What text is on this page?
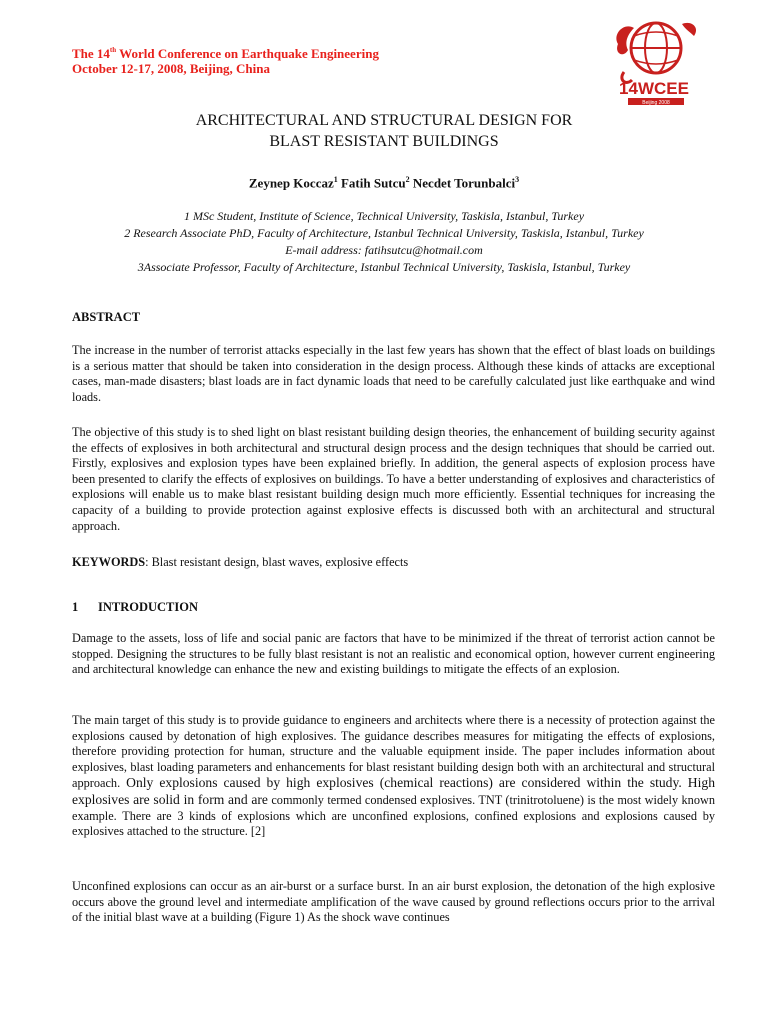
The 14th World Conference on Earthquake Engineering
October 12-17, 2008, Beijing, China
14WCEE
Beijing 2008
ARCHITECTURAL AND STRUCTURAL DESIGN FOR
BLAST RESISTANT BUILDINGS
Zeynep Koccaz$^1$ Fatih Sutcu$^2$ Necdet Torunbalci$^3$
1 MSc Student, Institute of Science, Technical University, Taskisla, Istanbul, Turkey
2 Research Associate PhD, Faculty of Architecture, Istanbul Technical University, Taskisla, Istanbul, Turkey
E-mail address: fatihsutcu@hotmail.com
3Associate Professor, Faculty of Architecture, Istanbul Technical University, Taskisla, Istanbul, Turkey
ABSTRACT
The increase in the number of terrorist attacks especially in the last few years has shown that the effect of blast loads on buildings is a serious matter that should be taken into consideration in the design process. Although these kinds of attacks are exceptional cases, man-made disasters; blast loads are in fact dynamic loads that need to be carefully calculated just like earthquake and wind loads.
The objective of this study is to shed light on blast resistant building design theories, the enhancement of building security against the effects of explosives in both architectural and structural design process and the design techniques that should be carried out. Firstly, explosives and explosion types have been explained briefly. In addition, the general aspects of explosion process have been presented to clarify the effects of explosives on buildings. To have a better understanding of explosives and characteristics of explosions will enable us to make blast resistant building design much more efficiently. Essential techniques for increasing the capacity of a building to provide protection against explosive effects is discussed both with an architectural and structural approach.
KEYWORDS: Blast resistant design, blast waves, explosive effects
1 INTRODUCTION
Damage to the assets, loss of life and social panic are factors that have to be minimized if the threat of terrorist action cannot be stopped. Designing the structures to be fully blast resistant is not an realistic and economical option, however current engineering and architectural knowledge can enhance the new and existing buildings to mitigate the effects of an explosion.
The main target of this study is to provide guidance to engineers and architects where there is a necessity of protection against the explosions caused by detonation of high explosives. The guidance describes measures for mitigating the effects of explosions, therefore providing protection for human, structure and the valuable equipment inside. The paper includes information about explosives, blast loading parameters and enhancements for blast resistant building design both with an architectural and structural approach. Only explosions caused by high explosives (chemical reactions) are considered within the study. High explosives are solid in form and are commonly termed condensed explosives. TNT (trinitrotoluene) is the most widely known example. There are 3 kinds of explosions which are unconfined explosions, confined explosions and explosions caused by explosives attached to the structure. [2]
Unconfined explosions can occur as an air-burst or a surface burst. In an air burst explosion, the detonation of the high explosive occurs above the ground level and intermediate amplification of the wave caused by ground reflections occurs prior to the arrival of the initial blast wave at a building (Figure 1) As the shock wave continues
